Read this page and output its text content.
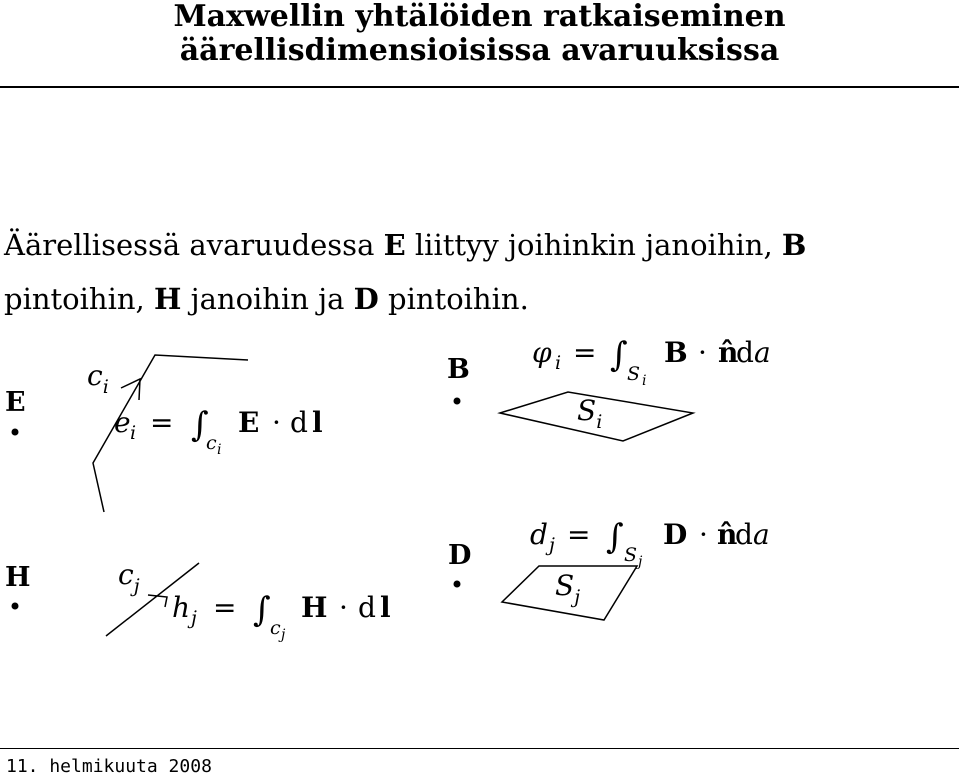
Maxwellin yhtälöiden ratkaiseminen
äärellisdimensioisissa avaruuksissa
Äärellisessä avaruudessa E liittyy joihinkin janoihin, B pintoihin, H janoihin ja D pintoihin.
E
$c_i$
e i = ∫
c i
E · d l
B
φ i = ∫ S i
B · n̂
d a
$S_i$
H	$c_j$
h j = ∫ c j
H · d l
D
d j = ∫ S j
D · n̂
d a
$S_j$
11. helmikuuta 2008
